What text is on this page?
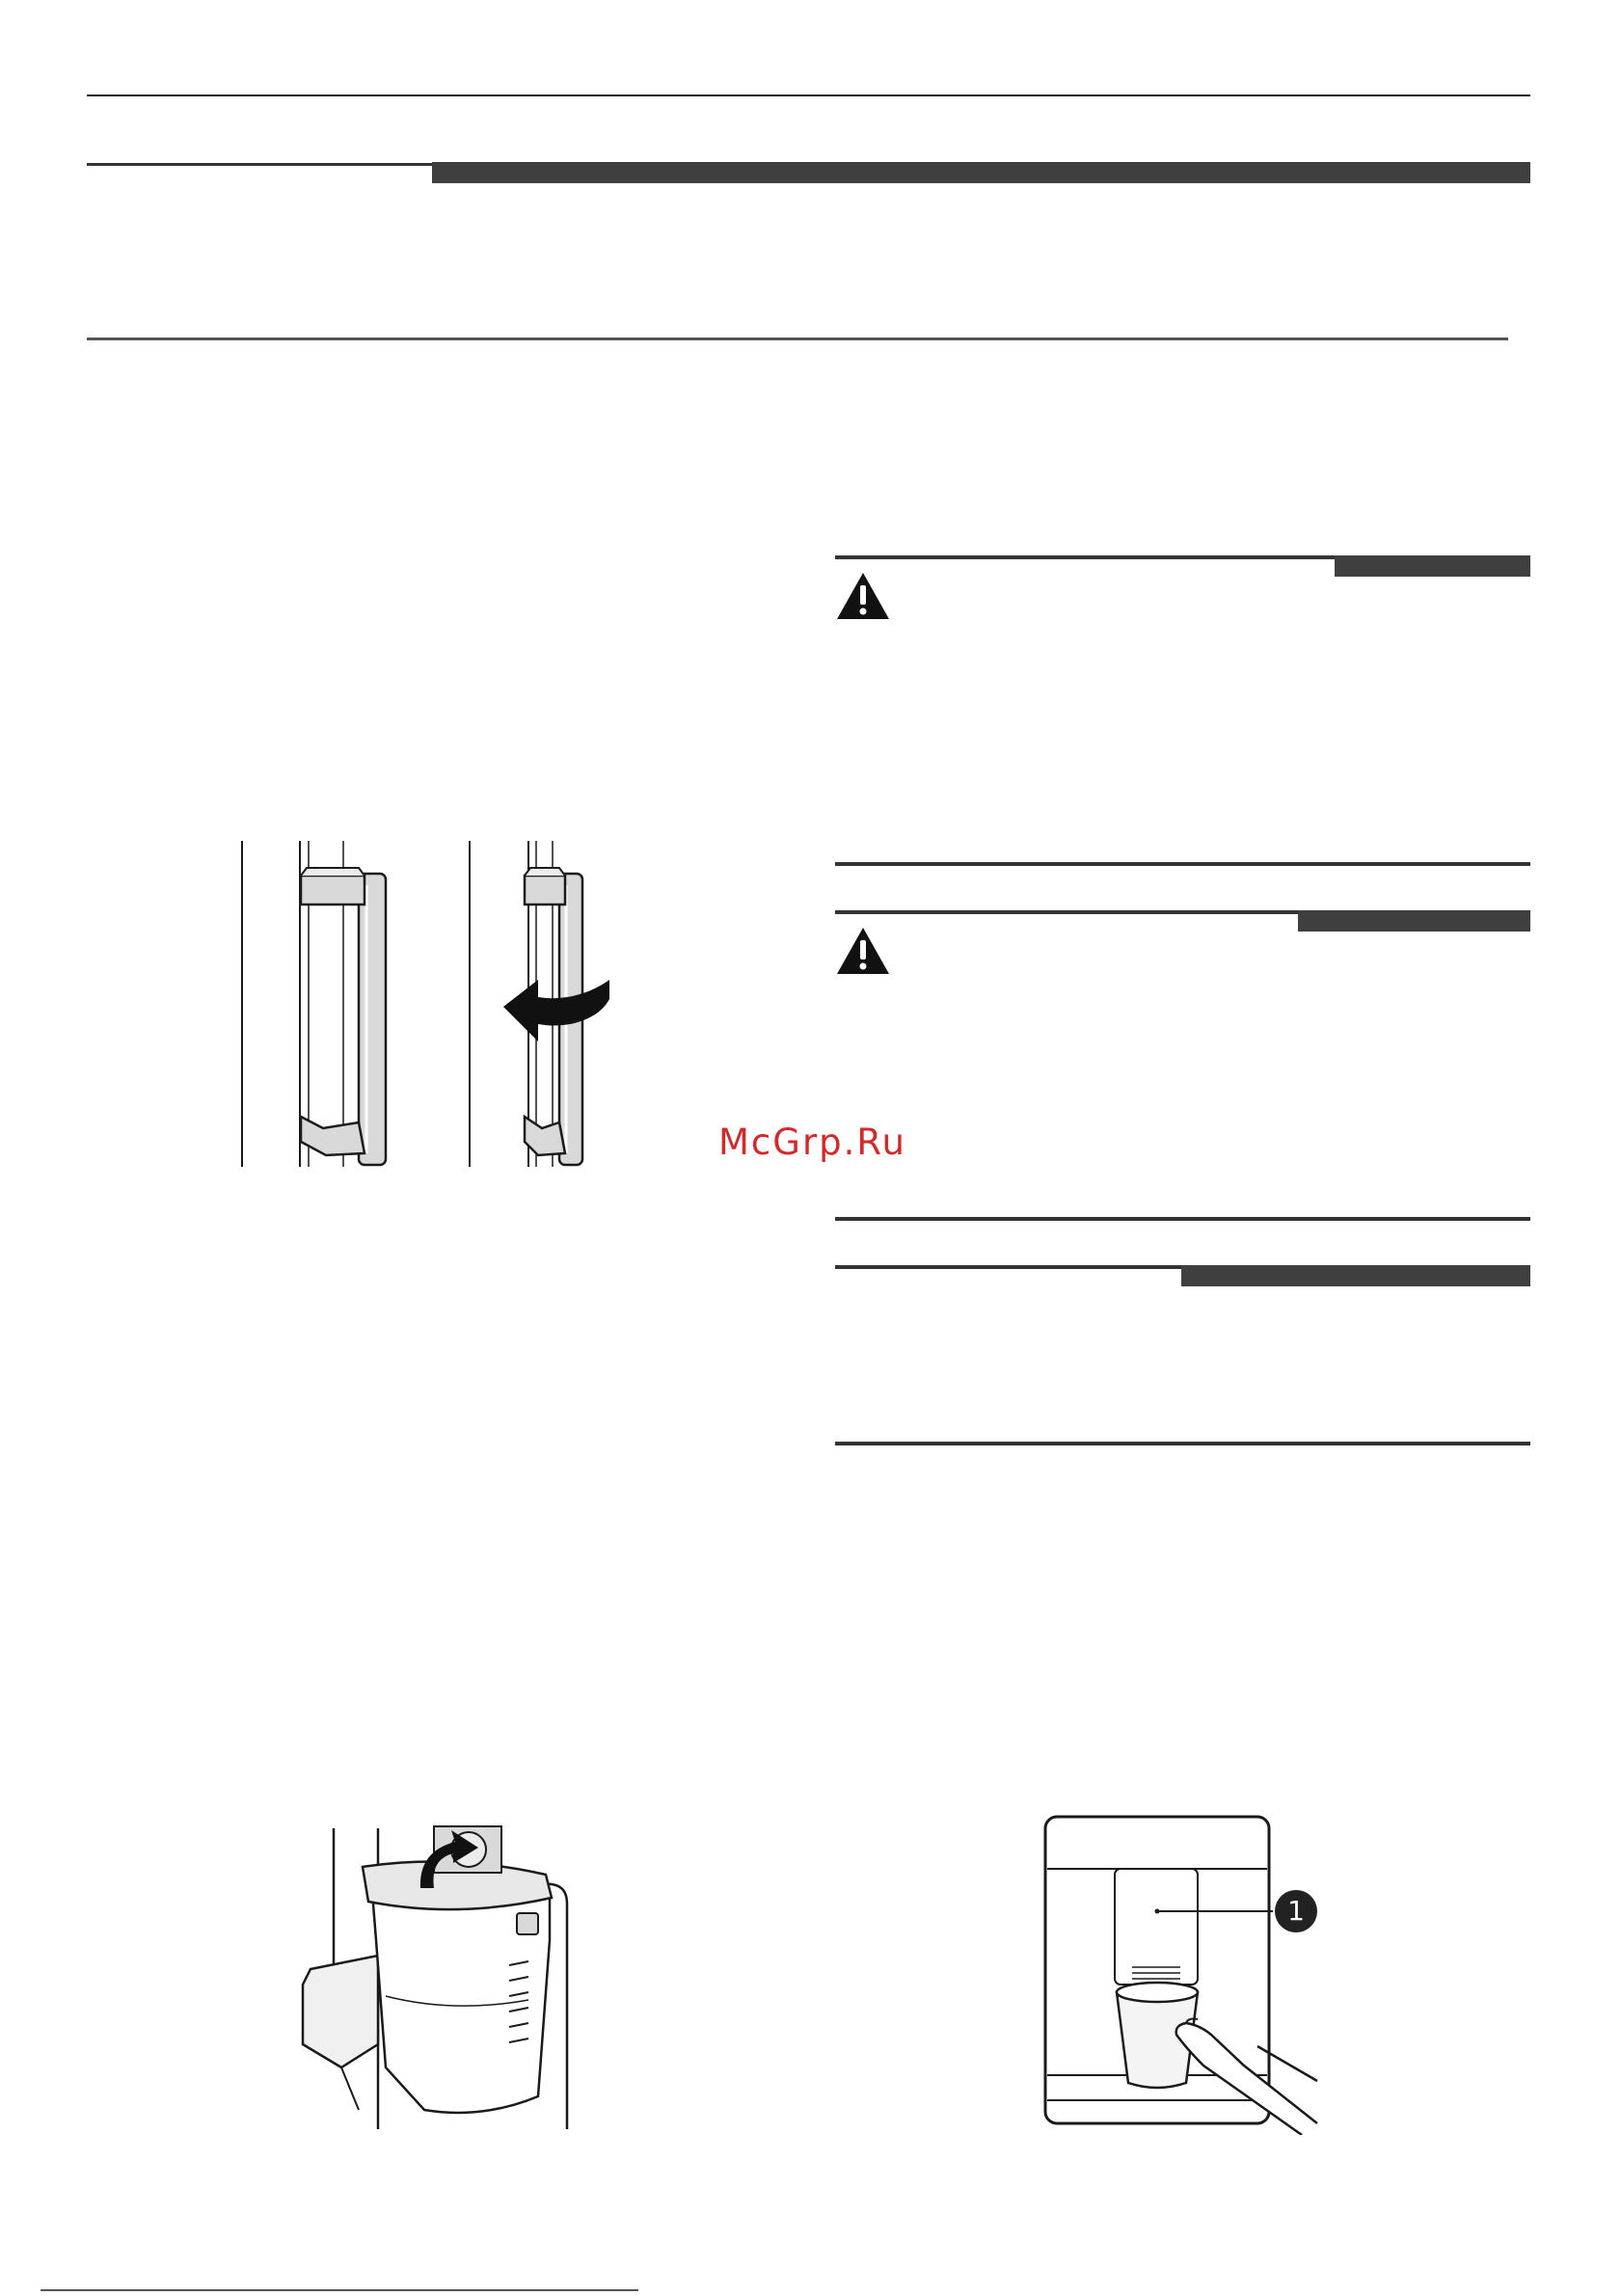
McGrp.Ru
1
